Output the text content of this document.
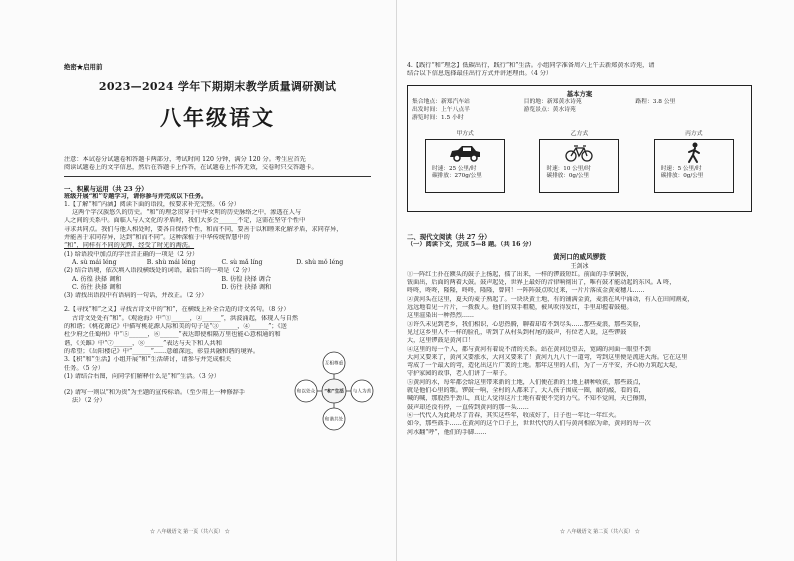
绝密★启用前
2023—2024 学年下期期末教学质量调研测试
八年级语文
注意：本试卷分试题卷和答题卡两部分，考试时间 120 分钟，满分 120 分。考生应首先
阅读试题卷上的文字信息，然后在答题卡上作答，在试题卷上作答无效，交卷时只交答题卡。
一、积累与运用（共 23 分）
班级开展“和”专题学习，请你参与并完成以下任务。
1.【了解“和”内涵】阅读下面的语段，按要求补充完整。（6 分）
这两个字汉族悠久的历史。“和”的理念贯穿于中华文明的历史脉络之中，渗透在人与
人之间的关系中。面临人与人文化的矛盾时，我们大多会______不定，这需在坚守个性中
寻求共同点。我们与他人相处时，要各自保持个性，和而不同，要善于以和睦来化解矛盾，求同存异，
并能善于求同存异，达到“和而不同”。这种深植于中华传统智慧中的
“和”，同样有不同的光辉，经受了时光的淘洗。
(1) 给语段中加点的字注音正确的一项是（2 分）
A. sù mái léng	B. shù mái léng	C. sù mǎ líng	D. shù mǒ léng
(2) 结合语境，依次填入语段横线处的词语，最恰当的一项是（2 分）
A. 彷徨 抉择 调和	B. 彷徨 抉择 调合
C. 彷往 抉择 调和	D. 彷往 抉择 调和
(3) 请找出语段中有语病的一句话，并改正。（2 分）
2.【寻找“和”之义】寻找古诗文中的“和”，在横线上补全合适的诗文名句。（8 分）
古诗文处处有“和”。《观沧海》中“①______，②______”，洪波涌起，体现人与自然
的和谐；《桃花源记》中描写桃花源人际和美的句子是“③______，④______”；《送
杜少府之任蜀州》中“⑤______，⑥______”表达即使相隔万里也能心意相通的和
谐，《关雎》中“⑦______，⑧______”表达与天下和人共和
的希望；《岳阳楼记》中“______”……意蕴深远，彰显共融和谐的境界。
3.【积“和”生活】小组开展“和”生活研讨，请参与并完成相关
任务。（5 分）
(1) 请结合右图，向同学们解释什么是“和”生活。（3 分）
(2) 请写一则以“和为贵”为主题的宣传标语。（至少用上一种修辞手
法）（2 分）
“和”生活
互相尊重
与人为善
和谐共处
和以处众
☆ 八年级语文 第一页（共六页） ☆
4.【践行“和”理念】低碳出行，践行“和”生活。小组同学准备周六上午去新郑黄水诗苑，请
结合以下信息选择最佳出行方式并讲述理由。（4 分）
基本方案
集合地点：新郑汽车站	目的地：新郑黄水诗苑	路程：3.8 公里
出发时间：上午八点半	游览景点：黄水诗苑
游览时间：1.5 小时
甲方式
时速：25 公里/时
碳排放：270g/公里
乙方式
时速：10 公里/时
碳排放：0g/公里
丙方式
时速：5 公里/时
碳排放：0g/公里
二、现代文阅读（共 27 分）
（一）阅读下文，完成 5—8 题。（共 16 分）
黄河口的威风锣鼓
王剑冰
①一阵红土扑在额头的鼓子上扬起，擂了出来，一样的锣鼓短红。前面的手拿铜钹，
钹面出，后面的两着大鼓。鼓声起处，世界上最好的音律响彻出了，唯有鼓才能动起的东风。A 咚，
咚咚，咚咚，隆隆，咚咚，隆隆，曾同！一阵阵鼓点吹过来，一片片落成金黄麦穗儿……
②黄河头在这里，夏天的麦子熟起了。一块块黄土地，有的铺满金黄，麦浪在风中涌动，有人在田间割麦，
远远地看见一片片，一拨拨人。他们的双手粗糙，被风吹得发红，手里却握着鼓槌。
这里渲染出一种热烈……
③许久未见到老乡，我们相识，心思热腾，聊着却看不到尽头……那些麦浪，那些笑脸，
见过这乡里人不一样的脸孔，听到了从村头到村尾的鼓声，有位老人说，这些锣鼓
大，这里锣鼓是黄河口！
④这里的每一个人，都与黄河有着说不清的关系。站在黄河边望去，宽阔的河面一眼望不到
大河又要来了，黄河又要涨水，大河又要来了！黄河九九八十一道弯，弯到这里便是流进大海。它在这里
弯成了一个最大的弯，造化出这片广袤的土地。那年这里的人们，为了一方平安，齐心协力筑起大堤，
守护家园的故事，老人们讲了一辈子。
⑤黄河的水，每年都会给这里带来新的土地，人们便在新的土地上耕种收获，那些鼓点，
就是他们心里的歌。锣鼓一响，全村的人都来了，大人孩子围成一圈，敲的敲，看的看，
喊的喊，那股热乎劲儿，真让人觉得这片土地有着使不完的力气。不知不觉间，天已擦黑，
鼓声却还没有停，一直传到黄河的那一头……
⑥一代代人为此耗尽了青春，其实这些年，收成好了，日子也一年比一年红火。
如今，那些鼓手……在黄河的这个口子上，世世代代的人们与黄河相依为命，黄河的每一次
河水翻“呼”，他们的手脚……
☆ 八年级语文 第二页（共六页） ☆
